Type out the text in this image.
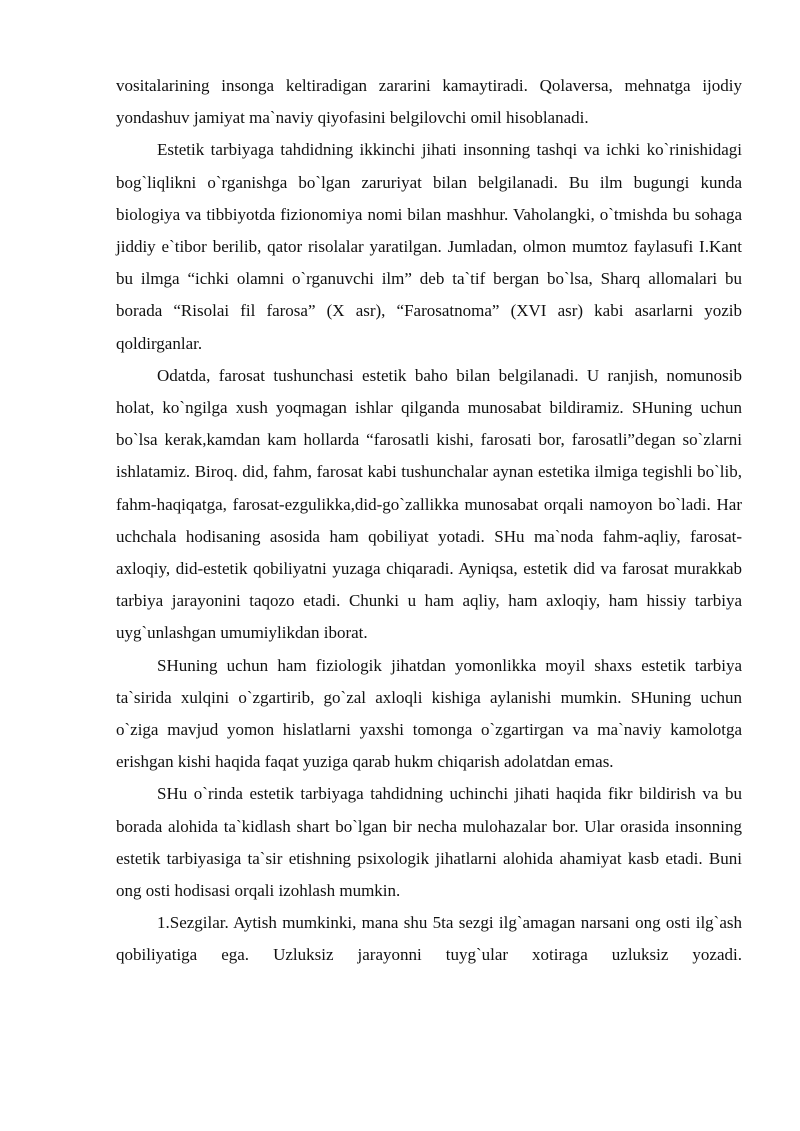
vositalarining insonga keltiradigan zararini kamaytiradi. Qolaversa, mehnatga ijodiy yondashuv jamiyat ma`naviy qiyofasini belgilovchi omil hisoblanadi.

Estetik tarbiyaga tahdidning ikkinchi jihati insonning tashqi va ichki ko`rinishidagi bog`liqlikni o`rganishga bo`lgan zaruriyat bilan belgilanadi. Bu ilm bugungi kunda biologiya va tibbiyotda fizionomiya nomi bilan mashhur. Vaholangki, o`tmishda bu sohaga jiddiy e`tibor berilib, qator risolalar yaratilgan. Jumladan, olmon mumtoz faylasufi I.Kant bu ilmga “ichki olamni o`rganuvchi ilm” deb ta`tif bergan bo`lsa, Sharq allomalari bu borada “Risolai fil farosa” (X asr), “Farosatnoma” (XVI asr) kabi asarlarni yozib qoldirganlar.

Odatda, farosat tushunchasi estetik baho bilan belgilanadi. U ranjish, nomunosib holat, ko`ngilga xush yoqmagan ishlar qilganda munosabat bildiramiz. SHuning uchun bo`lsa kerak,kamdan kam hollarda “farosatli kishi, farosati bor, farosatli”degan so`zlarni ishlatamiz. Biroq. did, fahm, farosat kabi tushunchalar aynan estetika ilmiga tegishli bo`lib, fahm-haqiqatga, farosat-ezgulikka,did-go`zallikka munosabat orqali namoyon bo`ladi. Har uchchala hodisaning asosida ham qobiliyat yotadi. SHu ma`noda fahm-aqliy, farosat-axloqiy, did-estetik qobiliyatni yuzaga chiqaradi. Ayniqsa, estetik did va farosat murakkab tarbiya jarayonini taqozo etadi. Chunki u ham aqliy, ham axloqiy, ham hissiy tarbiya uyg`unlashgan umumiylikdan iborat.

SHuning uchun ham fiziologik jihatdan yomonlikka moyil shaxs estetik tarbiya ta`sirida xulqini o`zgartirib, go`zal axloqli kishiga aylanishi mumkin. SHuning uchun o`ziga mavjud yomon hislatlarni yaxshi tomonga o`zgartirgan va ma`naviy kamolotga erishgan kishi haqida faqat yuziga qarab hukm chiqarish adolatdan emas.

SHu o`rinda estetik tarbiyaga tahdidning uchinchi jihati haqida fikr bildirish va bu borada alohida ta`kidlash shart bo`lgan bir necha mulohazalar bor. Ular orasida insonning estetik tarbiyasiga ta`sir etishning psixologik jihatlarni alohida ahamiyat kasb etadi. Buni ong osti hodisasi orqali izohlash mumkin.

1.Sezgilar. Aytish mumkinki, mana shu 5ta sezgi ilg`amagan narsani ong osti ilg`ash qobiliyatiga ega. Uzluksiz jarayonni tuyg`ular xotiraga uzluksiz yozadi.
